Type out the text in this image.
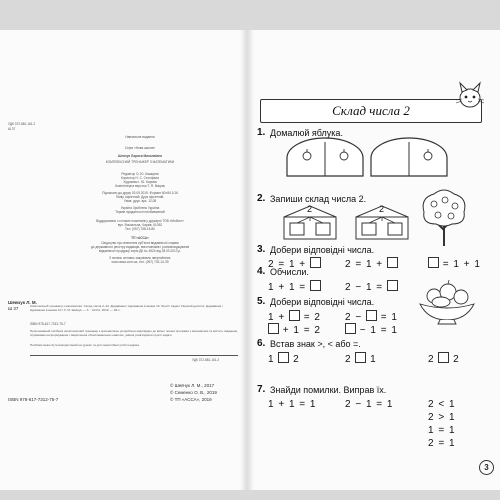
УДК 372.881.161.2
Ш 37
Навчальне видання
Серія «Нова школа»
Шевчук Лариса Миколаївна
КОМПЛЕКСНИЙ ТРЕНАЖЕР З МАТЕМАТИКИ
Редактор О. Ю. Кашцина
Коректор Н. С. Столфаля
Художник І. Ю. Кирова
Комп'ютерна верстка Т. Я. Мацюк
Підписано до друку 03.09.2019. Формат 60×84 1/16
Папір офсетний. Друк офсетний.
Умов. друк. арк. 12,08
Україна Зроблено Україна
Термін придатності необмежений
Віддруковано з готових позитивів у друкарні ТОВ «Мобілл»
вул. Вокзальна, Харків, 61052
Тел. (057) 758-15-80
ТП «АССА»
Свідоцтво про внесення суб'єкта видавничої справи
до державного реєстру видавців, виготовників і розповсюджувачів
видавничої продукції серія ДК № 4524 від 28.03.2013 р.
З питань оптових закупівель звертайтеся:
www.assa.com.ua, тел. (057) 733-14-39
Шевчук Л. М.
Ш 37	Комплексний тренажер з математики. Склад числа 2–10. Додавання і віднімання в межах 10. Прості задачі. Перший десяток. Додавання і віднімання в межах 10 / Л. М. Шевчук — Х. : АССА, 2019. — 96 с.
ISBN 978-617-7312-75-7
Пропонований посібник «Комплексний тренажер з математики» розроблено відповідно до вимог чинної програми з математики та містить завдання, спрямовані на формування і закріплення обчислювальних навичок, уміння розв'язувати прості задачі.
Посібник може бути використаний на уроках та для самостійної роботи вдома.
УДК 372.881.161.2
© Шевчук Л. М., 2017
© Семенко О. В., 2019
© ТП «АССА», 2019
ISBN 978-617-7312-75-7
Склад числа 2
1. Домалюй яблука.
2. Запиши склад числа 2.
2	2
3. Добери відповідні числа.
2 = 1 +	2 = 1 +	= 1 + 1
4. Обчисли.
1 + 1 =	2 − 1 =
5. Добери відповідні числа.
1 +  = 2 2 −  = 1
+ 1 = 2	− 1 = 1
6. Встав знак >, < або =.
1  2	2  1	2  2
7. Знайди помилки. Виправ їх.
1 + 1 = 1	2 − 1 = 1	2 < 1
2 > 1
1 = 1
2 = 1
3
